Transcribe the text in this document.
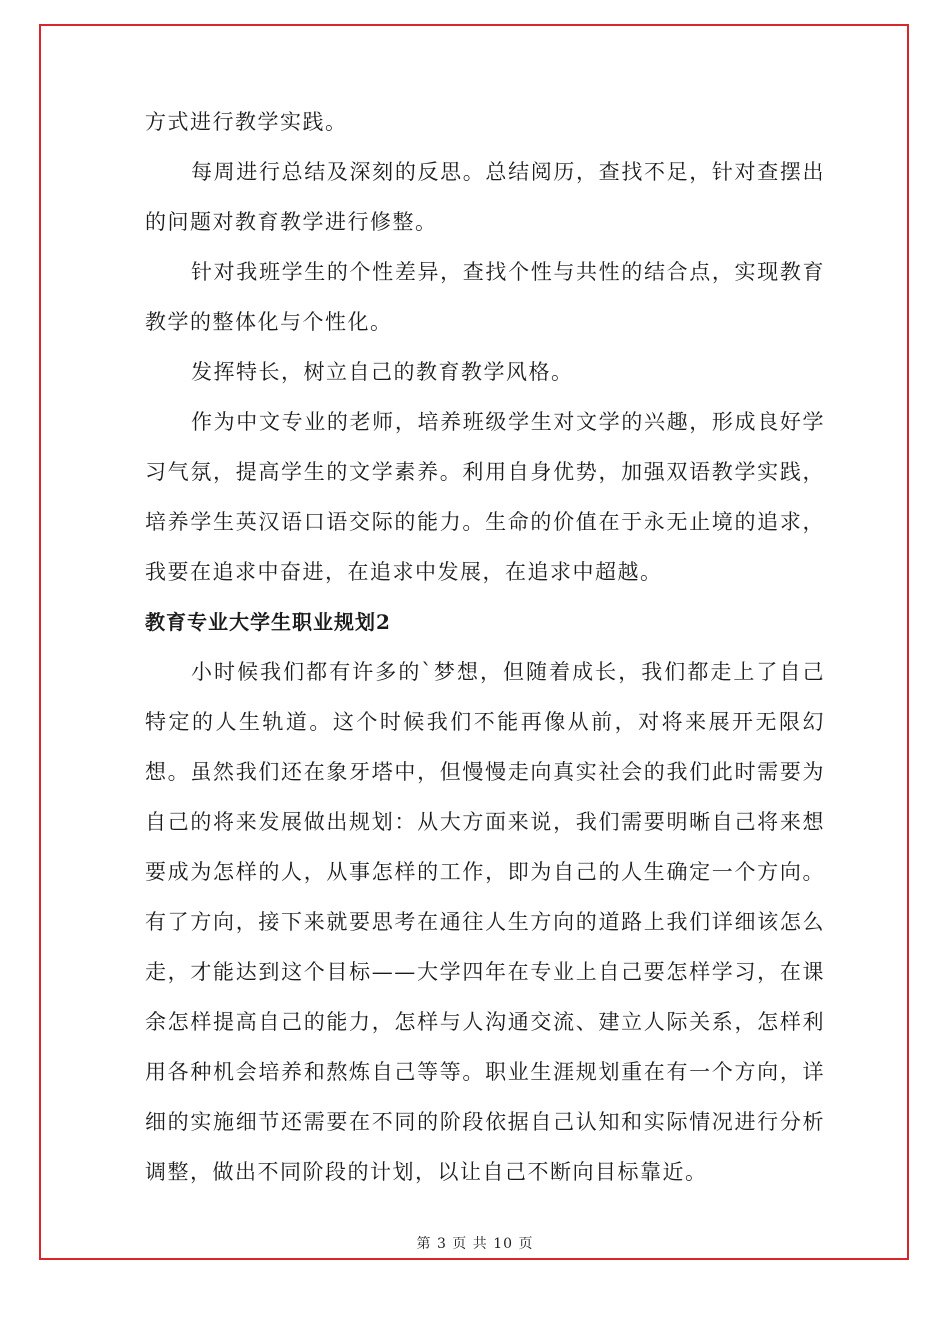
方式进行教学实践。

每周进行总结及深刻的反思。总结阅历，查找不足，针对查摆出的问题对教育教学进行修整。

针对我班学生的个性差异，查找个性与共性的结合点，实现教育教学的整体化与个性化。

发挥特长，树立自己的教育教学风格。

作为中文专业的老师，培养班级学生对文学的兴趣，形成良好学习气氛，提高学生的文学素养。利用自身优势，加强双语教学实践，培养学生英汉语口语交际的能力。生命的价值在于永无止境的追求，我要在追求中奋进，在追求中发展，在追求中超越。

教育专业大学生职业规划2

小时候我们都有许多的`梦想，但随着成长，我们都走上了自己特定的人生轨道。这个时候我们不能再像从前，对将来展开无限幻想。虽然我们还在象牙塔中，但慢慢走向真实社会的我们此时需要为自己的将来发展做出规划：从大方面来说，我们需要明晰自己将来想要成为怎样的人，从事怎样的工作，即为自己的人生确定一个方向。有了方向，接下来就要思考在通往人生方向的道路上我们详细该怎么走，才能达到这个目标——大学四年在专业上自己要怎样学习，在课余怎样提高自己的能力，怎样与人沟通交流、建立人际关系，怎样利用各种机会培养和熬炼自己等等。职业生涯规划重在有一个方向，详细的实施细节还需要在不同的阶段依据自己认知和实际情况进行分析调整，做出不同阶段的计划，以让自己不断向目标靠近。

第 3 页 共 10 页
